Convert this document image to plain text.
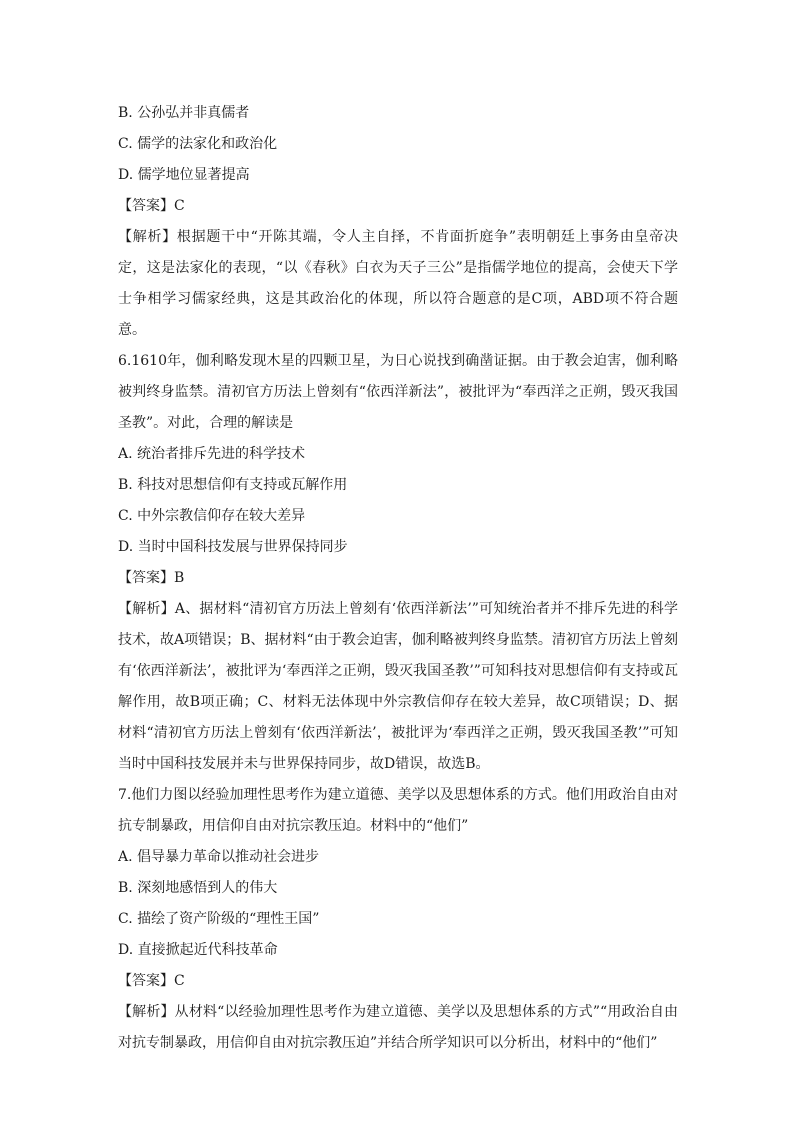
B. 公孙弘并非真儒者
C. 儒学的法家化和政治化
D. 儒学地位显著提高
【答案】C
【解析】根据题干中“开陈其端，令人主自择，不肯面折庭争”表明朝廷上事务由皇帝决定，这是法家化的表现，“以《春秋》白衣为天子三公”是指儒学地位的提高，会使天下学士争相学习儒家经典，这是其政治化的体现，所以符合题意的是C项，ABD项不符合题意。
6.1610年，伽利略发现木星的四颗卫星，为日心说找到确凿证据。由于教会迫害，伽利略被判终身监禁。清初官方历法上曾刻有“依西洋新法”，被批评为“奉西洋之正朔，毁灭我国圣教”。对此，合理的解读是
A. 统治者排斥先进的科学技术
B. 科技对思想信仰有支持或瓦解作用
C. 中外宗教信仰存在较大差异
D. 当时中国科技发展与世界保持同步
【答案】B
【解析】A、据材料“清初官方历法上曾刻有‘依西洋新法’”可知统治者并不排斥先进的科学技术，故A项错误；B、据材料“由于教会迫害，伽利略被判终身监禁。清初官方历法上曾刻有‘依西洋新法’，被批评为‘奉西洋之正朔，毁灭我国圣教’”可知科技对思想信仰有支持或瓦解作用，故B项正确；C、材料无法体现中外宗教信仰存在较大差异，故C项错误；D、据材料“清初官方历法上曾刻有‘依西洋新法’，被批评为‘奉西洋之正朔，毁灭我国圣教’”可知当时中国科技发展并未与世界保持同步，故D错误，故选B。
7.他们力图以经验加理性思考作为建立道德、美学以及思想体系的方式。他们用政治自由对抗专制暴政，用信仰自由对抗宗教压迫。材料中的“他们”
A. 倡导暴力革命以推动社会进步
B. 深刻地感悟到人的伟大
C. 描绘了资产阶级的“理性王国”
D. 直接掀起近代科技革命
【答案】C
【解析】从材料“以经验加理性思考作为建立道德、美学以及思想体系的方式”“用政治自由对抗专制暴政，用信仰自由对抗宗教压迫”并结合所学知识可以分析出，材料中的“他们”
